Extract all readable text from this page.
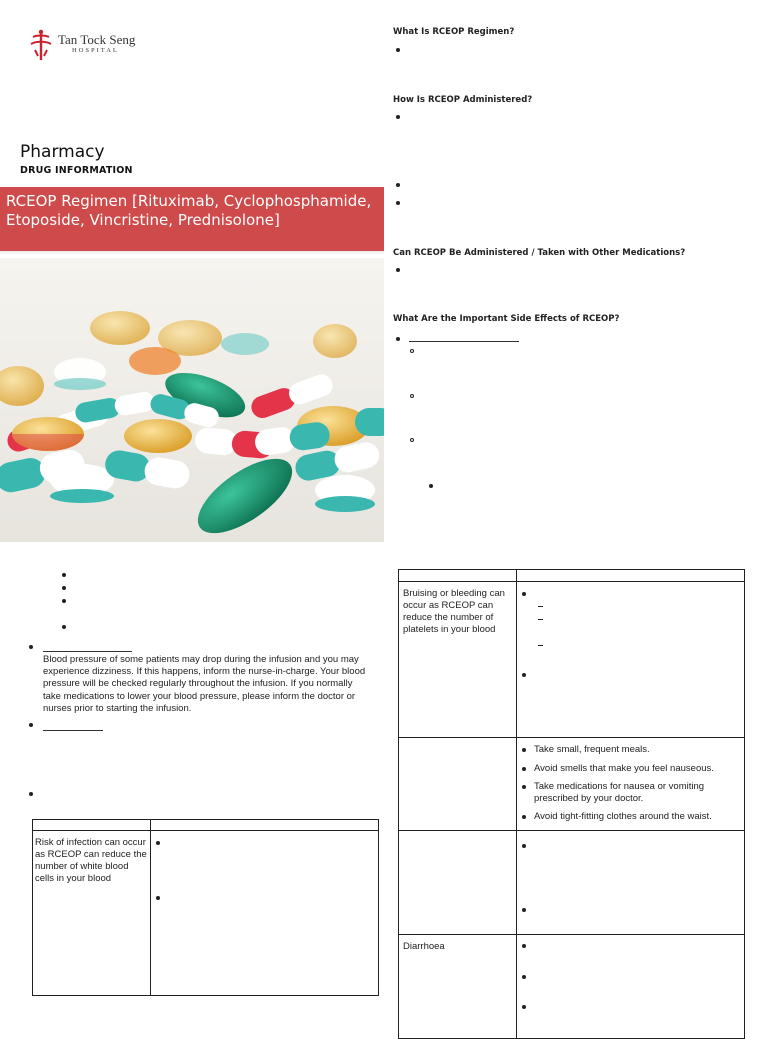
Tan Tock Seng
HOSPITAL
Pharmacy
DRUG INFORMATION
RCEOP Regimen [Rituximab, Cyclophosphamide, Etoposide, Vincristine, Prednisolone]
What Is RCEOP Regimen?
How Is RCEOP Administered?
Can RCEOP Be Administered / Taken with Other Medications?
What Are the Important Side Effects of RCEOP?
Blood pressure of some patients may drop during the infusion and you may experience dizziness. If this happens, inform the nurse-in-charge. Your blood pressure will be checked regularly throughout the infusion. If you normally take medications to lower your blood pressure, please inform the doctor or nurses prior to starting the infusion.
Risk of infection can occur as RCEOP can reduce the number of white blood cells in your blood
Bruising or bleeding can occur as RCEOP can reduce the number of platelets in your blood
Take small, frequent meals.
Avoid smells that make you feel nauseous.
Take medications for nausea or vomiting prescribed by your doctor.
Avoid tight-fitting clothes around the waist.
Diarrhoea
